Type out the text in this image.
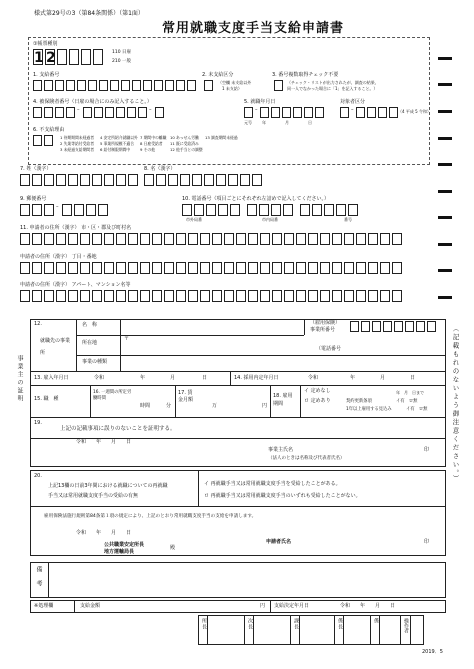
様式第29号の3（第84条関係）（第1面）
常用就職支度手当支給申請書
①帳票種別
1 2	110 日雇
210 一般
1. 支給番号	2. 未支給区分
（空欄 未支給以外
1 未支給）
3. 番号複数取得チェック不要
（チェック・リストが出力されたが、調査の結果、
同一人でなかった場合に「1」を記入すること。）
4. 被保険者番号（日雇の場合にのみ記入すること。）
–	–
5. 就職年月日
–
対象者区分
–	（4 平成 5 令和）
元号	年	月	日
6. 不支給理由
1 待期期間未経過者
2 失業等給付受給者
3 未経過支給期間者
4 安定所紹介就職以外
5 事業所規模不適合
6 給付制限期間中
7 期間中の離職
8 日雇受給者
9 その他
10 あっせん労働
11 既に受給済み
12 他手当との調整
13 調査期間未経過
7. 姓（漢字）	8. 名（漢字）
9. 郵便番号
–
10. 電話番号（項目ごとにそれぞれ左詰めで記入してください。）
市外局番	市内局番	番号
11. 申請者の住所（漢字） 市・区・郡及び町村名
申請者の住所（漢字） 丁目・番地
申請者の住所（漢字） アパート、マンション名等
事業主の証明
12.
就職先の事業所
名　称
所在地
事業の種類
〒
（電話番号
（雇用保険）
事業所番号
13. 雇入年月日	令和	年	月	日	14. 採用内定年月日	令和	年	月	日
15. 職　種
16. 一週間の所定労働時間
時間	分
17. 賃金月額
万	円
18. 雇用期間
イ 定めなし
ロ 定めあり
年　月　日まで
契約更新条項	イ有　ロ無
1年以上雇用する見込み	イ有　ロ無
19.
上記の記載事項に誤りのないことを証明する。
令和　　年　　月　　日
事業主氏名
（法人のときは名称及び代表者氏名）
印
20.
上記13欄の日前3年間における就職についての再就職
手当又は常用就職支度手当の受給の有無
イ 再就職手当又は常用就職支度手当を受給したことがある。
ロ 再就職手当又は常用就職支度手当のいずれも受給したことがない。
雇用保険法施行規則第84条第１項の規定により、上記のとおり常用就職支度手当の支給を申請します。
令和　　年　　月　　日
公共職業安定所長
地方運輸局長
殿
申請者氏名	印
備考
※処理欄	支給金額	円 支給決定年月日	令和　　年　　月　　日
所長	次長	課長	係長	係	操作者
2019．5
（記載もれのないよう御注意ください。）
